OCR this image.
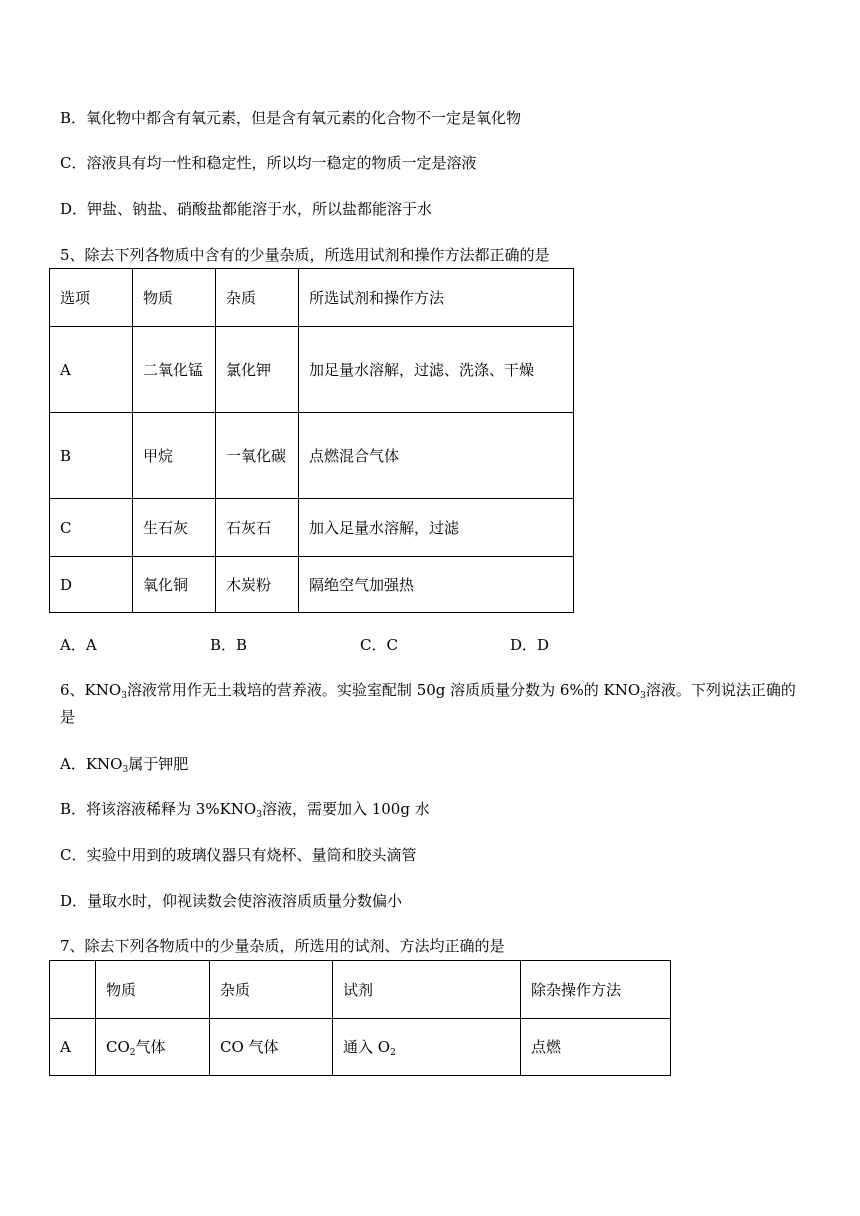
B．氧化物中都含有氧元素，但是含有氧元素的化合物不一定是氧化物
C．溶液具有均一性和稳定性，所以均一稳定的物质一定是溶液
D．钾盐、钠盐、硝酸盐都能溶于水，所以盐都能溶于水
5、除去下列各物质中含有的少量杂质，所选用试剂和操作方法都正确的是
选项	物质	杂质	所选试剂和操作方法
A	二氧化锰	氯化钾	加足量水溶解，过滤、洗涤、干燥
B	甲烷	一氧化碳	点燃混合气体
C	生石灰	石灰石	加入足量水溶解，过滤
D	氧化铜	木炭粉	隔绝空气加强热
A．A	B．B	C．C	D．D
6、$KNO_3$溶液常用作无土栽培的营养液。实验室配制 50g 溶质质量分数为 6%的 $KNO_3$溶液。下列说法正确的是
A．$KNO_3$属于钾肥
B．将该溶液稀释为 $3\%KNO_3$溶液，需要加入 100g 水
C．实验中用到的玻璃仪器只有烧杯、量筒和胶头滴管
D．量取水时，仰视读数会使溶液溶质质量分数偏小
7、除去下列各物质中的少量杂质，所选用的试剂、方法均正确的是
	物质	杂质	试剂	除杂操作方法
A	$CO_2$气体	CO 气体	通入 $O_2$	点燃
